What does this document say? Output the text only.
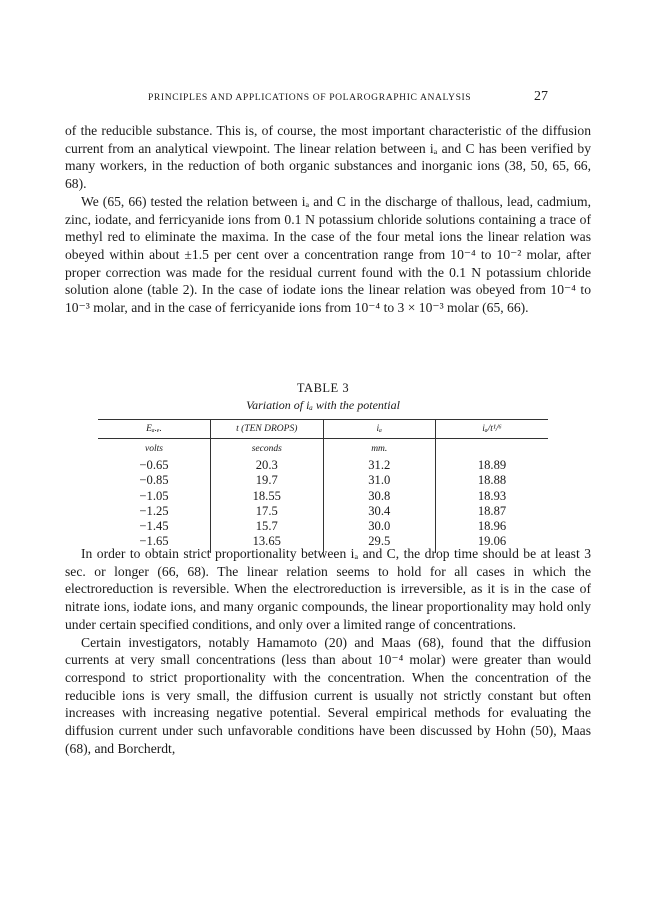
PRINCIPLES AND APPLICATIONS OF POLAROGRAPHIC ANALYSIS	27

of the reducible substance. This is, of course, the most important characteristic of the diffusion current from an analytical viewpoint. The linear relation between iₐ and C has been verified by many workers, in the reduction of both organic substances and inorganic ions (38, 50, 65, 66, 68).

We (65, 66) tested the relation between iₐ and C in the discharge of thallous, lead, cadmium, zinc, iodate, and ferricyanide ions from 0.1 N potassium chloride solutions containing a trace of methyl red to eliminate the maxima. In the case of the four metal ions the linear relation was obeyed within about ±1.5 per cent over a concentration range from 10⁻⁴ to 10⁻² molar, after proper correction was made for the residual current found with the 0.1 N potassium chloride solution alone (table 2). In the case of iodate ions the linear relation was obeyed from 10⁻⁴ to 10⁻³ molar, and in the case of ferricyanide ions from 10⁻⁴ to 3 × 10⁻³ molar (65, 66).

TABLE 3
Variation of iₐ with the potential
Eₐ.ₑ.	t (TEN DROPS)	iₐ	iₐ/t¹/⁶
volts	seconds	mm.	
−0.65	20.3	31.2	18.89
−0.85	19.7	31.0	18.88
−1.05	18.55	30.8	18.93
−1.25	17.5	30.4	18.87
−1.45	15.7	30.0	18.96
−1.65	13.65	29.5	19.06

In order to obtain strict proportionality between iₐ and C, the drop time should be at least 3 sec. or longer (66, 68). The linear relation seems to hold for all cases in which the electroreduction is reversible. When the electroreduction is irreversible, as it is in the case of nitrate ions, iodate ions, and many organic compounds, the linear proportionality may hold only under certain specified conditions, and only over a limited range of concentrations.

Certain investigators, notably Hamamoto (20) and Maas (68), found that the diffusion currents at very small concentrations (less than about 10⁻⁴ molar) were greater than would correspond to strict proportionality with the concentration. When the concentration of the reducible ions is very small, the diffusion current is usually not strictly constant but often increases with increasing negative potential. Several empirical methods for evaluating the diffusion current under such unfavorable conditions have been discussed by Hohn (50), Maas (68), and Borcherdt,
